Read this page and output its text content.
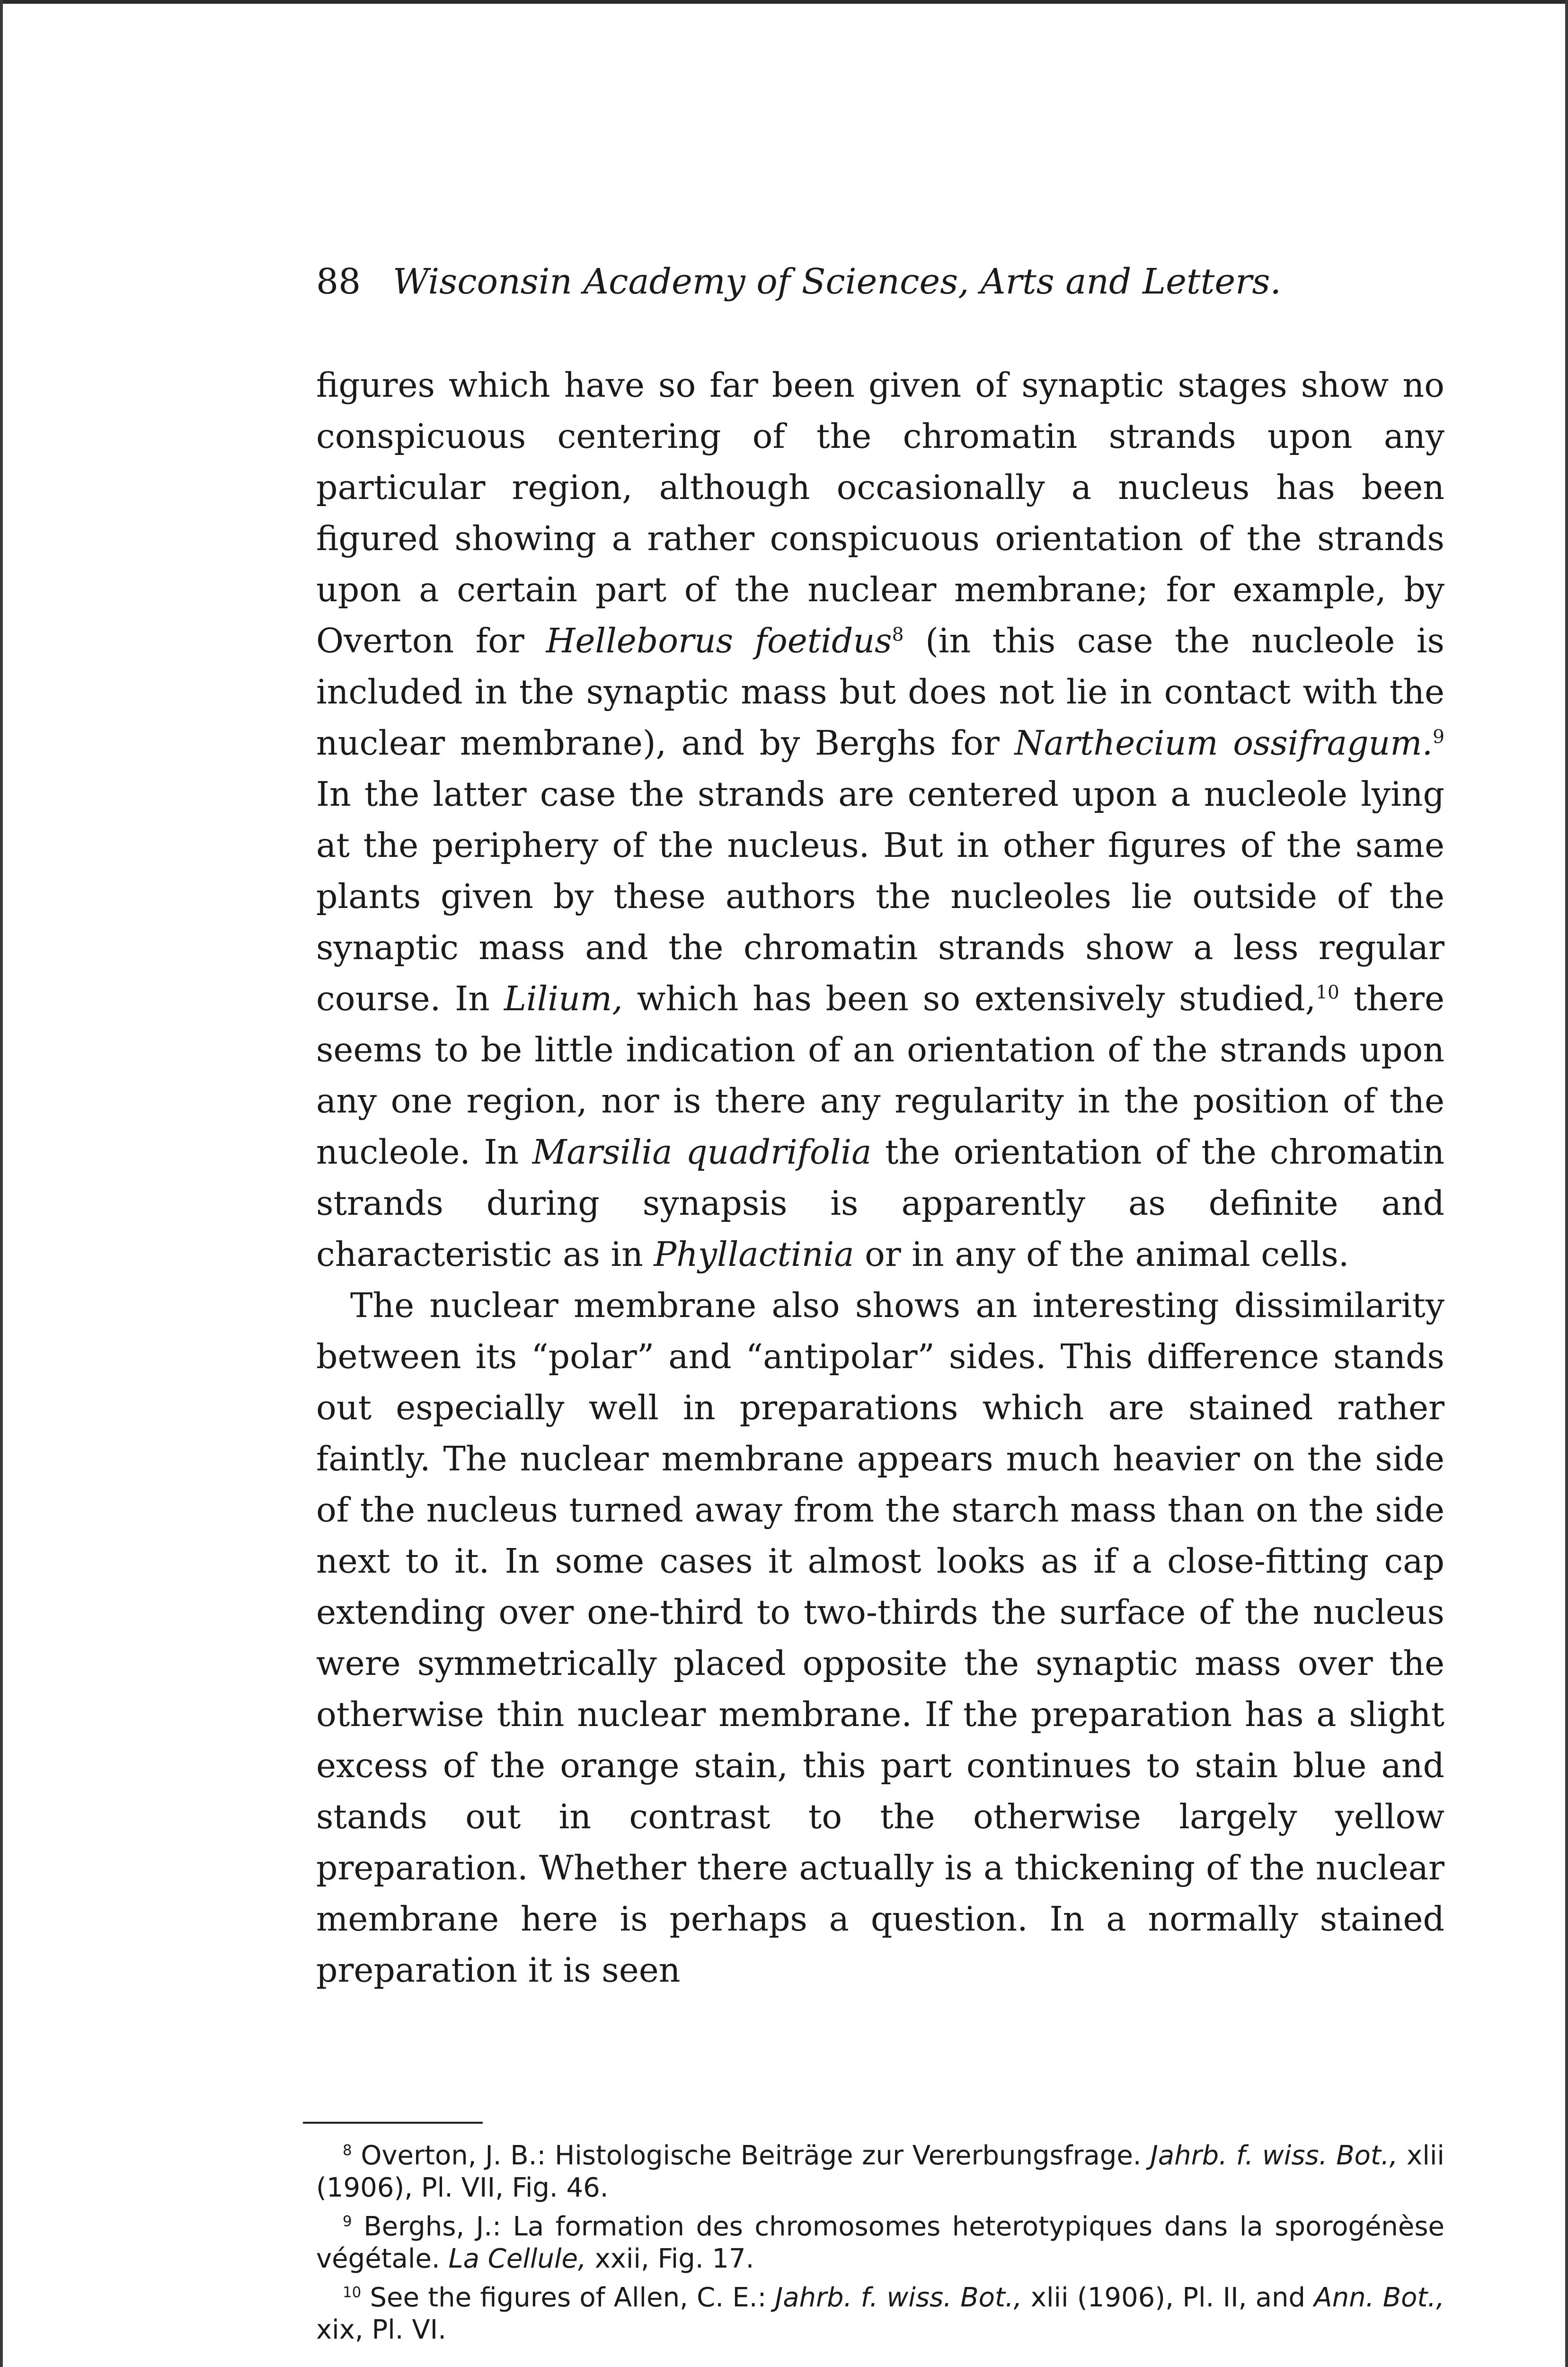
88 Wisconsin Academy of Sciences, Arts and Letters.

figures which have so far been given of synaptic stages show no conspicuous centering of the chromatin strands upon any particular region, although occasionally a nucleus has been figured showing a rather conspicuous orientation of the strands upon a certain part of the nuclear membrane; for example, by Overton for Helleborus foetidus$^8$ (in this case the nucleole is included in the synaptic mass but does not lie in contact with the nuclear membrane), and by Berghs for Narthecium ossifragum.$^9$ In the latter case the strands are centered upon a nucleole lying at the periphery of the nucleus. But in other figures of the same plants given by these authors the nucleoles lie outside of the synaptic mass and the chromatin strands show a less regular course. In Lilium, which has been so extensively studied,$^{10}$ there seems to be little indication of an orientation of the strands upon any one region, nor is there any regularity in the position of the nucleole. In Marsilia quadrifolia the orientation of the chromatin strands during synapsis is apparently as definite and characteristic as in Phyllactinia or in any of the animal cells.

The nuclear membrane also shows an interesting dissimilarity between its “polar” and “antipolar” sides. This difference stands out especially well in preparations which are stained rather faintly. The nuclear membrane appears much heavier on the side of the nucleus turned away from the starch mass than on the side next to it. In some cases it almost looks as if a close-fitting cap extending over one-third to two-thirds the surface of the nucleus were symmetrically placed opposite the synaptic mass over the otherwise thin nuclear membrane. If the preparation has a slight excess of the orange stain, this part continues to stain blue and stands out in contrast to the otherwise largely yellow preparation. Whether there actually is a thickening of the nuclear membrane here is perhaps a question. In a normally stained preparation it is seen

$^8$ Overton, J. B.: Histologische Beiträge zur Vererbungsfrage. Jahrb. f. wiss. Bot., xlii (1906), Pl. VII, Fig. 46.

$^9$ Berghs, J.: La formation des chromosomes heterotypiques dans la sporogénèse végétale. La Cellule, xxii, Fig. 17.

$^{10}$ See the figures of Allen, C. E.: Jahrb. f. wiss. Bot., xlii (1906), Pl. II, and Ann. Bot., xix, Pl. VI.
